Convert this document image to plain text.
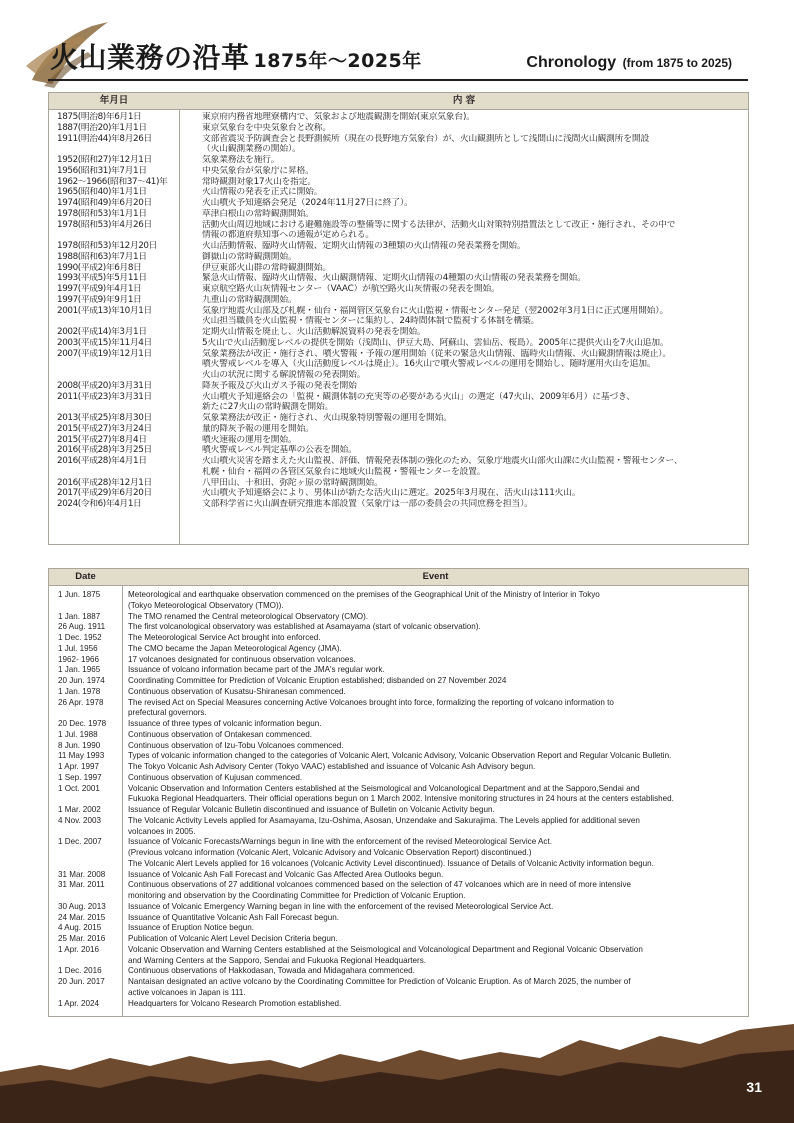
火山業務の沿革 1875年～2025年	Chronology (from 1875 to 2025)
年月日	内 容
1875(明治8)年6月1日	東京府内務省地理寮構内で、気象および地震観測を開始(東京気象台)。
1887(明治20)年1月1日	東京気象台を中央気象台と改称。
1911(明治44)年8月26日	文部省震災予防調査会と長野測候所（現在の長野地方気象台）が、火山観測所として浅間山に浅間火山観測所を開設
（火山観測業務の開始）。
1952(昭和27)年12月1日	気象業務法を施行。
1956(昭和31)年7月1日	中央気象台が気象庁に昇格。
1962～1966(昭和37～41)年	常時観測対象17火山を指定。
1965(昭和40)年1月1日	火山情報の発表を正式に開始。
1974(昭和49)年6月20日	火山噴火予知連絡会発足（2024年11月27日に終了）。
1978(昭和53)年1月1日	草津白根山の常時観測開始。
1978(昭和53)年4月26日	活動火山周辺地域における避難施設等の整備等に関する法律が、活動火山対策特別措置法として改正・施行され、その中で
情報の都道府県知事への通報が定められる。
1978(昭和53)年12月20日	火山活動情報、臨時火山情報、定期火山情報の3種類の火山情報の発表業務を開始。
1988(昭和63)年7月1日	御嶽山の常時観測開始。
1990(平成2)年6月8日	伊豆東部火山群の常時観測開始。
1993(平成5)年5月11日	緊急火山情報、臨時火山情報、火山観測情報、定期火山情報の4種類の火山情報の発表業務を開始。
1997(平成9)年4月1日	東京航空路火山灰情報センター（VAAC）が航空路火山灰情報の発表を開始。
1997(平成9)年9月1日	九重山の常時観測開始。
2001(平成13)年10月1日	気象庁地震火山部及び札幌・仙台・福岡管区気象台に火山監視・情報センター発足（翌2002年3月1日に正式運用開始）。
火山担当職員を火山監視・情報センターに集約し、24時間体制で監視する体制を構築。
2002(平成14)年3月1日	定期火山情報を廃止し、火山活動解説資料の発表を開始。
2003(平成15)年11月4日	5火山で火山活動度レベルの提供を開始（浅間山、伊豆大島、阿蘇山、雲仙岳、桜島）。2005年に提供火山を7火山追加。
2007(平成19)年12月1日	気象業務法が改正・施行され、噴火警報・予報の運用開始（従来の緊急火山情報、臨時火山情報、火山観測情報は廃止）。
噴火警戒レベルを導入（火山活動度レベルは廃止）。16火山で噴火警戒レベルの運用を開始し、随時運用火山を追加。
火山の状況に関する解説情報の発表開始。
2008(平成20)年3月31日	降灰予報及び火山ガス予報の発表を開始
2011(平成23)年3月31日	火山噴火予知連絡会の「監視・観測体制の充実等の必要がある火山」の選定（47火山、2009年6月）に基づき、
新たに27火山の常時観測を開始。
2013(平成25)年8月30日	気象業務法が改正・施行され、火山現象特別警報の運用を開始。
2015(平成27)年3月24日	量的降灰予報の運用を開始。
2015(平成27)年8月4日	噴火速報の運用を開始。
2016(平成28)年3月25日	噴火警戒レベル判定基準の公表を開始。
2016(平成28)年4月1日	火山噴火災害を踏まえた火山監視、評価、情報発表体制の強化のため、気象庁地震火山部火山課に火山監視・警報センター、
札幌・仙台・福岡の各管区気象台に地域火山監視・警報センターを設置。
2016(平成28)年12月1日	八甲田山、十和田、弥陀ヶ原の常時観測開始。
2017(平成29)年6月20日	火山噴火予知連絡会により、男体山が新たな活火山に選定。2025年3月現在、活火山は111火山。
2024(令和6)年4月1日	文部科学省に火山調査研究推進本部設置（気象庁は一部の委員会の共同庶務を担当）。
Date	Event
1 Jun. 1875	Meteorological and earthquake observation commenced on the premises of the Geographical Unit of the Ministry of Interior in Tokyo
(Tokyo Meteorological Observatory (TMO)).
1 Jan. 1887	The TMO renamed the Central meteorological Observatory (CMO).
26 Aug. 1911	The first volcanological observatory was established at Asamayama (start of volcanic observation).
1 Dec. 1952	The Meteorological Service Act brought into enforced.
1 Jul. 1956	The CMO became the Japan Meteorological Agency (JMA).
1962- 1966	17 volcanoes designated for continuous observation volcanoes.
1 Jan. 1965	Issuance of volcano information became part of the JMA's regular work.
20 Jun. 1974	Coordinating Committee for Prediction of Volcanic Eruption established; disbanded on 27 November 2024
1 Jan. 1978	Continuous observation of Kusatsu-Shiranesan commenced.
26 Apr. 1978	The revised Act on Special Measures concerning Active Volcanoes brought into force, formalizing the reporting of volcano information to
prefectural governors.
20 Dec. 1978	Issuance of three types of volcanic information begun.
1 Jul. 1988	Continuous observation of Ontakesan commenced.
8 Jun. 1990	Continuous observation of Izu-Tobu Volcanoes commenced.
11 May 1993	Types of volcanic information changed to the categories of Volcanic Alert, Volcanic Advisory, Volcanic Observation Report and Regular Volcanic Bulletin.
1 Apr. 1997	The Tokyo Volcanic Ash Advisory Center (Tokyo VAAC) established and issuance of Volcanic Ash Advisory begun.
1 Sep. 1997	Continuous observation of Kujusan commenced.
1 Oct. 2001	Volcanic Observation and Information Centers established at the Seismological and Volcanological Department and at the Sapporo,Sendai and
Fukuoka Regional Headquarters. Their official operations begun on 1 March 2002. Intensive monitoring structures in 24 hours at the centers established.
1 Mar. 2002	Issuance of Regular Volcanic Bulletin discontinued and issuance of Bulletin on Volcanic Activity begun.
4 Nov. 2003	The Volcanic Activity Levels applied for Asamayama, Izu-Oshima, Asosan, Unzendake and Sakurajima. The Levels applied for additional seven
volcanoes in 2005.
1 Dec. 2007	Issuance of Volcanic Forecasts/Warnings begun in line with the enforcement of the revised Meteorological Service Act.
(Previous volcano information (Volcanic Alert, Volcanic Advisory and Volcanic Observation Report) discontinued.)
The Volcanic Alert Levels applied for 16 volcanoes (Volcanic Activity Level discontinued). Issuance of Details of Volcanic Activity information begun.
31 Mar. 2008	Issuance of Volcanic Ash Fall Forecast and Volcanic Gas Affected Area Outlooks begun.
31 Mar. 2011	Continuous observations of 27 additional volcanoes commenced based on the selection of 47 volcanoes which are in need of more intensive
monitoring and observation by the Coordinating Committee for Prediction of Volcanic Eruption.
30 Aug. 2013	Issuance of Volcanic Emergency Warning began in line with the enforcement of the revised Meteorological Service Act.
24 Mar. 2015	Issuance of Quantitative Volcanic Ash Fall Forecast begun.
4 Aug. 2015	Issuance of Eruption Notice begun.
25 Mar. 2016	Publication of Volcanic Alert Level Decision Criteria begun.
1 Apr. 2016	Volcanic Observation and Warning Centers established at the Seismological and Volcanological Department and Regional Volcanic Observation
and Warning Centers at the Sapporo, Sendai and Fukuoka Regional Headquarters.
1 Dec. 2016	Continuous observations of Hakkodasan, Towada and Midagahara commenced.
20 Jun. 2017	Nantaisan designated an active volcano by the Coordinating Committee for Prediction of Volcanic Eruption. As of March 2025, the number of
active volcanoes in Japan is 111.
1 Apr. 2024	Headquarters for Volcano Research Promotion established.
31
